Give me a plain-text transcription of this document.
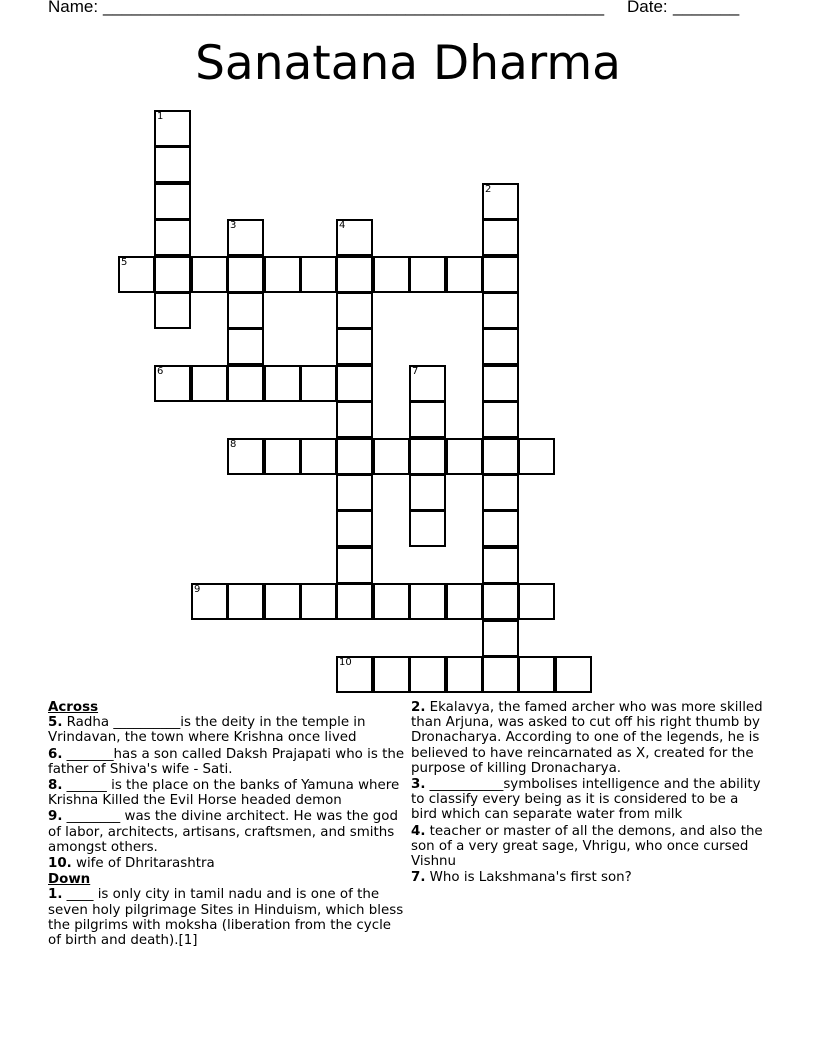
Name: _____________________________________________________ Date: _______
Sanatana Dharma
1
2
3	4
5
6	7
8
9
10

Across

5. Radha __________is the deity in the temple in Vrindavan, the town where Krishna once lived

6. _______has a son called Daksh Prajapati who is the father of Shiva's wife - Sati.

8. ______ is the place on the banks of Yamuna where Krishna Killed the Evil Horse headed demon

9. ________ was the divine architect. He was the god of labor, architects, artisans, craftsmen, and smiths amongst others.

10. wife of Dhritarashtra

Down

1. ____ is only city in tamil nadu and is one of the seven holy pilgrimage Sites in Hinduism, which bless the pilgrims with moksha (liberation from the cycle of birth and death).[1]

2. Ekalavya, the famed archer who was more skilled than Arjuna, was asked to cut off his right thumb by Dronacharya. According to one of the legends, he is believed to have reincarnated as X, created for the purpose of killing Dronacharya.

3. ___________symbolises intelligence and the ability to classify every being as it is considered to be a bird which can separate water from milk

4. teacher or master of all the demons, and also the son of a very great sage, Vhrigu, who once cursed Vishnu

7. Who is Lakshmana's first son?
